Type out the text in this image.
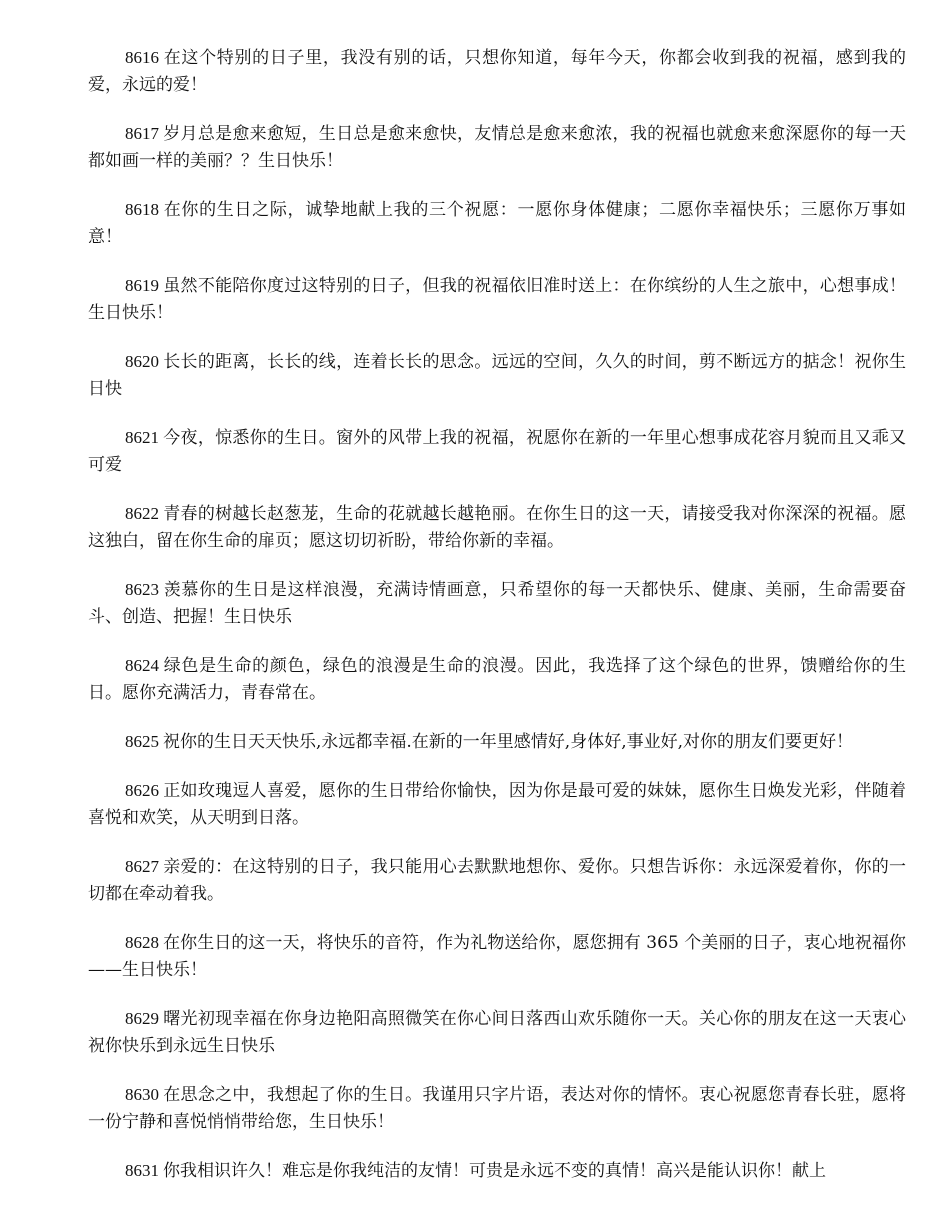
8616 在这个特别的日子里，我没有别的话，只想你知道，每年今天，你都会收到我的祝福，感到我的爱，永远的爱！

8617 岁月总是愈来愈短，生日总是愈来愈快，友情总是愈来愈浓，我的祝福也就愈来愈深愿你的每一天都如画一样的美丽？？生日快乐！

8618 在你的生日之际，诚挚地献上我的三个祝愿：一愿你身体健康；二愿你幸福快乐；三愿你万事如意！

8619 虽然不能陪你度过这特别的日子，但我的祝福依旧准时送上：在你缤纷的人生之旅中，心想事成！生日快乐！

8620 长长的距离，长长的线，连着长长的思念。远远的空间，久久的时间，剪不断远方的掂念！祝你生日快

8621 今夜，惊悉你的生日。窗外的风带上我的祝福，祝愿你在新的一年里心想事成花容月貌而且又乖又可爱

8622 青春的树越长赵葱茏，生命的花就越长越艳丽。在你生日的这一天，请接受我对你深深的祝福。愿这独白，留在你生命的扉页；愿这切切祈盼，带给你新的幸福。

8623 羡慕你的生日是这样浪漫，充满诗情画意，只希望你的每一天都快乐、健康、美丽，生命需要奋斗、创造、把握！生日快乐

8624 绿色是生命的颜色，绿色的浪漫是生命的浪漫。因此，我选择了这个绿色的世界，馈赠给你的生日。愿你充满活力，青春常在。

8625 祝你的生日天天快乐,永远都幸福.在新的一年里感情好,身体好,事业好,对你的朋友们要更好！

8626 正如玫瑰逗人喜爱，愿你的生日带给你愉快，因为你是最可爱的妹妹，愿你生日焕发光彩，伴随着喜悦和欢笑，从天明到日落。

8627 亲爱的：在这特别的日子，我只能用心去默默地想你、爱你。只想告诉你：永远深爱着你，你的一切都在牵动着我。

8628 在你生日的这一天，将快乐的音符，作为礼物送给你，愿您拥有 365 个美丽的日子，衷心地祝福你——生日快乐！

8629 曙光初现幸福在你身边艳阳高照微笑在你心间日落西山欢乐随你一天。关心你的朋友在这一天衷心祝你快乐到永远生日快乐

8630 在思念之中，我想起了你的生日。我谨用只字片语，表达对你的情怀。衷心祝愿您青春长驻，愿将一份宁静和喜悦悄悄带给您，生日快乐！

8631 你我相识许久！难忘是你我纯洁的友情！可贵是永远不变的真情！高兴是能认识你！献上
